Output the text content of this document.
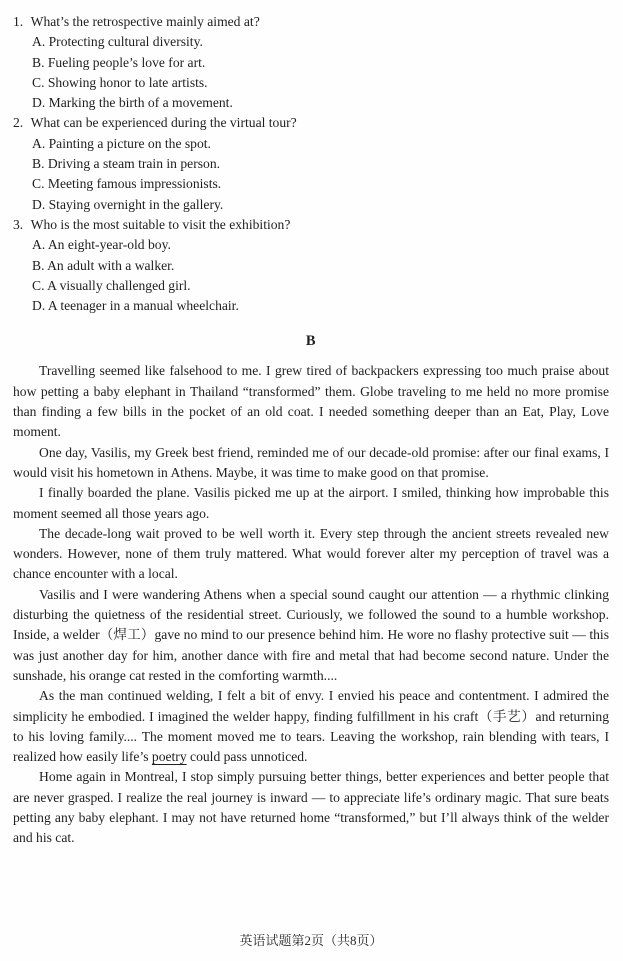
1. What’s the retrospective mainly aimed at?
A. Protecting cultural diversity.
B. Fueling people’s love for art.
C. Showing honor to late artists.
D. Marking the birth of a movement.
2. What can be experienced during the virtual tour?
A. Painting a picture on the spot.
B. Driving a steam train in person.
C. Meeting famous impressionists.
D. Staying overnight in the gallery.
3. Who is the most suitable to visit the exhibition?
A. An eight-year-old boy.
B. An adult with a walker.
C. A visually challenged girl.
D. A teenager in a manual wheelchair.
B

Travelling seemed like falsehood to me. I grew tired of backpackers expressing too much praise about how petting a baby elephant in Thailand “transformed” them. Globe traveling to me held no more promise than finding a few bills in the pocket of an old coat. I needed something deeper than an Eat, Play, Love moment.

One day, Vasilis, my Greek best friend, reminded me of our decade-old promise: after our final exams, I would visit his hometown in Athens. Maybe, it was time to make good on that promise.

I finally boarded the plane. Vasilis picked me up at the airport. I smiled, thinking how improbable this moment seemed all those years ago.

The decade-long wait proved to be well worth it. Every step through the ancient streets revealed new wonders. However, none of them truly mattered. What would forever alter my perception of travel was a chance encounter with a local.

Vasilis and I were wandering Athens when a special sound caught our attention — a rhythmic clinking disturbing the quietness of the residential street. Curiously, we followed the sound to a humble workshop. Inside, a welder（焊工）gave no mind to our presence behind him. He wore no flashy protective suit — this was just another day for him, another dance with fire and metal that had become second nature. Under the sunshade, his orange cat rested in the comforting warmth....

As the man continued welding, I felt a bit of envy. I envied his peace and contentment. I admired the simplicity he embodied. I imagined the welder happy, finding fulfillment in his craft（手艺）and returning to his loving family.... The moment moved me to tears. Leaving the workshop, rain blending with tears, I realized how easily life’s poetry could pass unnoticed.

Home again in Montreal, I stop simply pursuing better things, better experiences and better people that are never grasped. I realize the real journey is inward — to appreciate life’s ordinary magic. That sure beats petting any baby elephant. I may not have returned home “transformed,” but I’ll always think of the welder and his cat.

英语试题第2页（共8页）
